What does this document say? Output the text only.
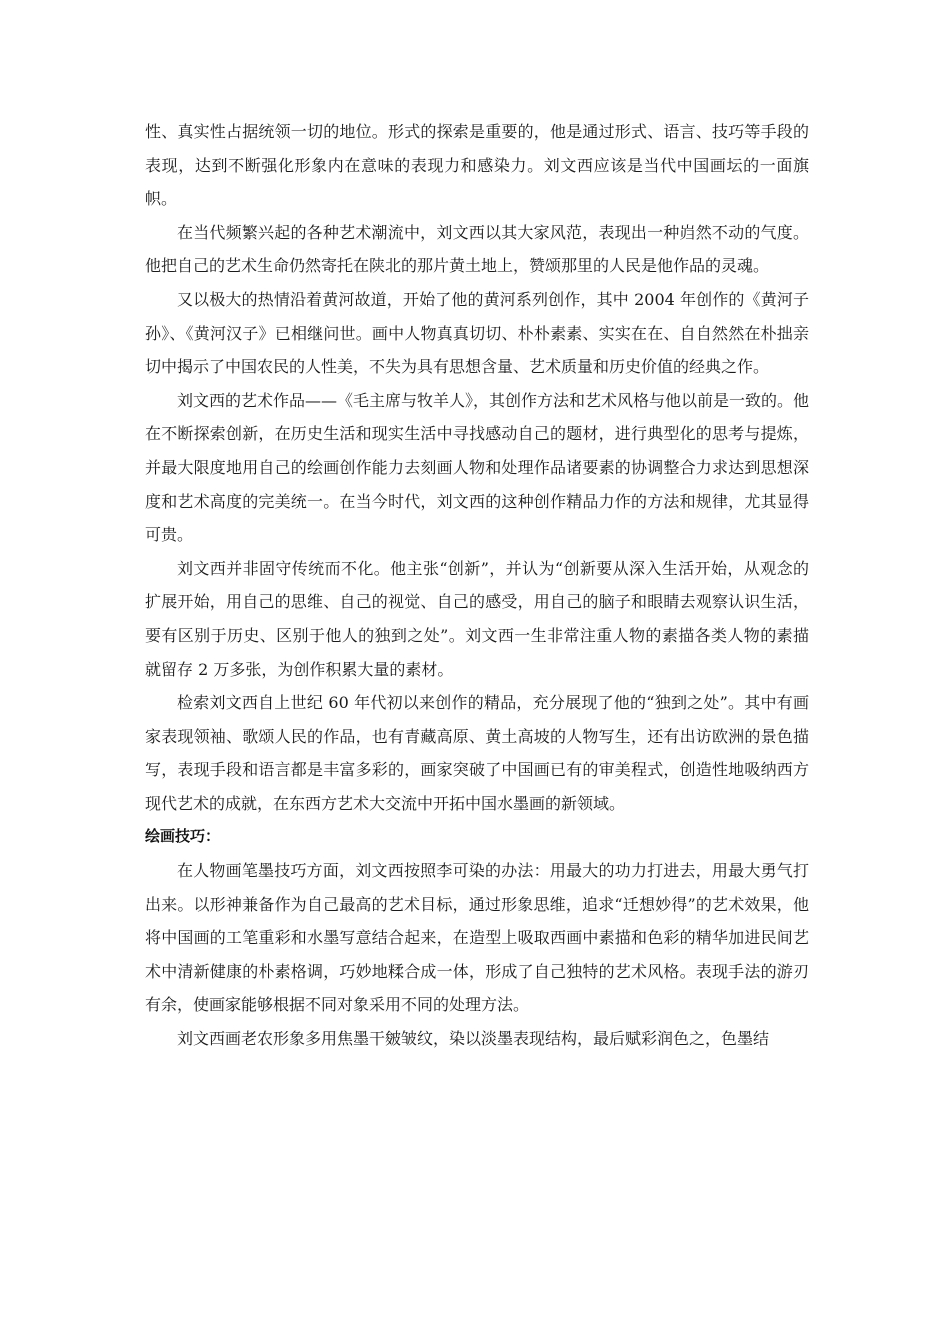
性、真实性占据统领一切的地位。形式的探索是重要的，他是通过形式、语言、技巧等手段的表现，达到不断强化形象内在意味的表现力和感染力。刘文西应该是当代中国画坛的一面旗帜。

在当代频繁兴起的各种艺术潮流中，刘文西以其大家风范，表现出一种岿然不动的气度。他把自己的艺术生命仍然寄托在陕北的那片黄土地上，赞颂那里的人民是他作品的灵魂。

又以极大的热情沿着黄河故道，开始了他的黄河系列创作，其中 2004 年创作的《黄河子孙》、《黄河汉子》已相继问世。画中人物真真切切、朴朴素素、实实在在、自自然然在朴拙亲切中揭示了中国农民的人性美，不失为具有思想含量、艺术质量和历史价值的经典之作。

刘文西的艺术作品——《毛主席与牧羊人》，其创作方法和艺术风格与他以前是一致的。他在不断探索创新，在历史生活和现实生活中寻找感动自己的题材，进行典型化的思考与提炼，并最大限度地用自己的绘画创作能力去刻画人物和处理作品诸要素的协调整合力求达到思想深度和艺术高度的完美统一。在当今时代，刘文西的这种创作精品力作的方法和规律，尤其显得可贵。

刘文西并非固守传统而不化。他主张“创新”，并认为“创新要从深入生活开始，从观念的扩展开始，用自己的思维、自己的视觉、自己的感受，用自己的脑子和眼睛去观察认识生活，要有区别于历史、区别于他人的独到之处”。刘文西一生非常注重人物的素描各类人物的素描就留存 2 万多张，为创作积累大量的素材。

检索刘文西自上世纪 60 年代初以来创作的精品，充分展现了他的“独到之处”。其中有画家表现领袖、歌颂人民的作品，也有青藏高原、黄土高坡的人物写生，还有出访欧洲的景色描写，表现手段和语言都是丰富多彩的，画家突破了中国画已有的审美程式，创造性地吸纳西方现代艺术的成就，在东西方艺术大交流中开拓中国水墨画的新领域。

绘画技巧：

在人物画笔墨技巧方面，刘文西按照李可染的办法：用最大的功力打进去，用最大勇气打出来。以形神兼备作为自己最高的艺术目标，通过形象思维，追求“迁想妙得”的艺术效果，他将中国画的工笔重彩和水墨写意结合起来，在造型上吸取西画中素描和色彩的精华加进民间艺术中清新健康的朴素格调，巧妙地糅合成一体，形成了自己独特的艺术风格。表现手法的游刃有余，使画家能够根据不同对象采用不同的处理方法。

刘文西画老农形象多用焦墨干皴皱纹，染以淡墨表现结构，最后赋彩润色之，色墨结
